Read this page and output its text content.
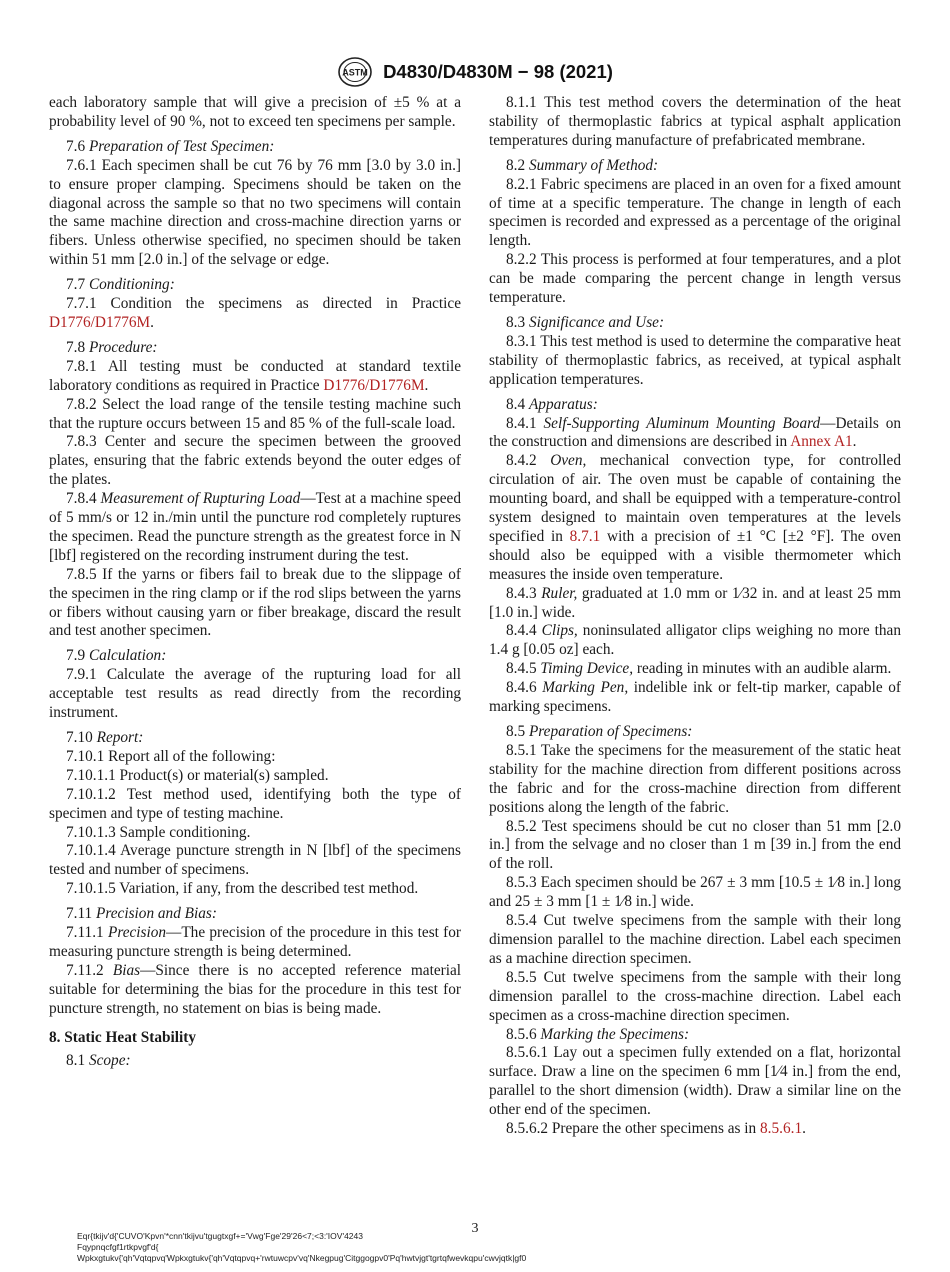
ASTM D4830/D4830M − 98 (2021)

each laboratory sample that will give a precision of ±5 % at a probability level of 90 %, not to exceed ten specimens per sample.

7.6 Preparation of Test Specimen:

7.6.1 Each specimen shall be cut 76 by 76 mm [3.0 by 3.0 in.] to ensure proper clamping. Specimens should be taken on the diagonal across the sample so that no two specimens will contain the same machine direction and cross-machine direction yarns or fibers. Unless otherwise specified, no specimen should be taken within 51 mm [2.0 in.] of the selvage or edge.

7.7 Conditioning:

7.7.1 Condition the specimens as directed in Practice D1776/D1776M.

7.8 Procedure:

7.8.1 All testing must be conducted at standard textile laboratory conditions as required in Practice D1776/D1776M.

7.8.2 Select the load range of the tensile testing machine such that the rupture occurs between 15 and 85 % of the full-scale load.

7.8.3 Center and secure the specimen between the grooved plates, ensuring that the fabric extends beyond the outer edges of the plates.

7.8.4 Measurement of Rupturing Load—Test at a machine speed of 5 mm/s or 12 in./min until the puncture rod completely ruptures the specimen. Read the puncture strength as the greatest force in N [lbf] registered on the recording instrument during the test.

7.8.5 If the yarns or fibers fail to break due to the slippage of the specimen in the ring clamp or if the rod slips between the yarns or fibers without causing yarn or fiber breakage, discard the result and test another specimen.

7.9 Calculation:

7.9.1 Calculate the average of the rupturing load for all acceptable test results as read directly from the recording instrument.

7.10 Report:

7.10.1 Report all of the following:

7.10.1.1 Product(s) or material(s) sampled.

7.10.1.2 Test method used, identifying both the type of specimen and type of testing machine.

7.10.1.3 Sample conditioning.

7.10.1.4 Average puncture strength in N [lbf] of the specimens tested and number of specimens.

7.10.1.5 Variation, if any, from the described test method.

7.11 Precision and Bias:

7.11.1 Precision—The precision of the procedure in this test for measuring puncture strength is being determined.

7.11.2 Bias—Since there is no accepted reference material suitable for determining the bias for the procedure in this test for puncture strength, no statement on bias is being made.

8. Static Heat Stability

8.1 Scope:

8.1.1 This test method covers the determination of the heat stability of thermoplastic fabrics at typical asphalt application temperatures during manufacture of prefabricated membrane.

8.2 Summary of Method:

8.2.1 Fabric specimens are placed in an oven for a fixed amount of time at a specific temperature. The change in length of each specimen is recorded and expressed as a percentage of the original length.

8.2.2 This process is performed at four temperatures, and a plot can be made comparing the percent change in length versus temperature.

8.3 Significance and Use:

8.3.1 This test method is used to determine the comparative heat stability of thermoplastic fabrics, as received, at typical asphalt application temperatures.

8.4 Apparatus:

8.4.1 Self-Supporting Aluminum Mounting Board—Details on the construction and dimensions are described in Annex A1.

8.4.2 Oven, mechanical convection type, for controlled circulation of air. The oven must be capable of containing the mounting board, and shall be equipped with a temperature-control system designed to maintain oven temperatures at the levels specified in 8.7.1 with a precision of ±1 °C [±2 °F]. The oven should also be equipped with a visible thermometer which measures the inside oven temperature.

8.4.3 Ruler, graduated at 1.0 mm or 1⁄32 in. and at least 25 mm [1.0 in.] wide.

8.4.4 Clips, noninsulated alligator clips weighing no more than 1.4 g [0.05 oz] each.

8.4.5 Timing Device, reading in minutes with an audible alarm.

8.4.6 Marking Pen, indelible ink or felt-tip marker, capable of marking specimens.

8.5 Preparation of Specimens:

8.5.1 Take the specimens for the measurement of the static heat stability for the machine direction from different positions across the fabric and for the cross-machine direction from different positions along the length of the fabric.

8.5.2 Test specimens should be cut no closer than 51 mm [2.0 in.] from the selvage and no closer than 1 m [39 in.] from the end of the roll.

8.5.3 Each specimen should be 267 ± 3 mm [10.5 ± 1⁄8 in.] long and 25 ± 3 mm [1 ± 1⁄8 in.] wide.

8.5.4 Cut twelve specimens from the sample with their long dimension parallel to the machine direction. Label each specimen as a machine direction specimen.

8.5.5 Cut twelve specimens from the sample with their long dimension parallel to the cross-machine direction. Label each specimen as a cross-machine direction specimen.

8.5.6 Marking the Specimens:

8.5.6.1 Lay out a specimen fully extended on a flat, horizontal surface. Draw a line on the specimen 6 mm [1⁄4 in.] from the end, parallel to the short dimension (width). Draw a similar line on the other end of the specimen.

8.5.6.2 Prepare the other specimens as in 8.5.6.1.

3
Eqr{tkijv'd{'CUVO'Kpvn'*cnn'tkijvu'tgugtxgf+='Vwg'Fge'29'26<7;<3:'IOV'4243
Fqypnqcfgf1rtkpvgf'd{
Wpkxgtukv{'qh'Vqtqpvq'Wpkxgtukv{'qh'Vqtqpvq+'rwtuwcpv'vq'Nkegpug'Citggogpv0'Pq'hwtvjgt'tgrtqfwevkqpu'cwvjqtk|gf0
